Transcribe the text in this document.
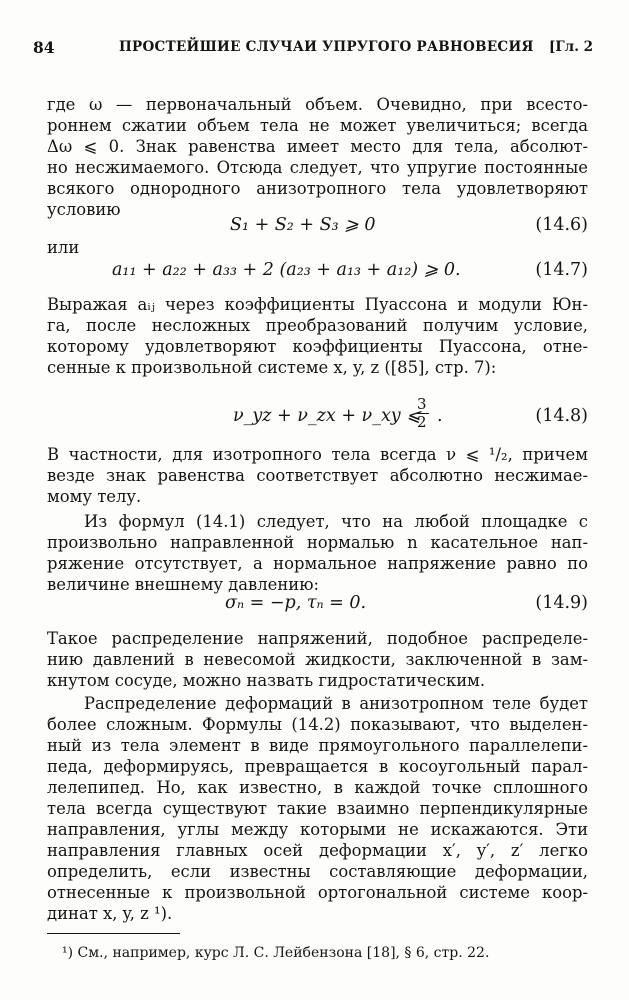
84	ПРОСТЕЙШИЕ СЛУЧАИ УПРУГОГО РАВНОВЕСИЯ [Гл. 2
где ω — первоначальный объем. Очевидно, при всесто-
роннем сжатии объем тела не может увеличиться; всегда
Δω ⩽ 0. Знак равенства имеет место для тела, абсолют-
но несжимаемого. Отсюда следует, что упругие постоянные
всякого однородного анизотропного тела удовлетворяют
условию
S₁ + S₂ + S₃ ⩾ 0	(14.6)
или
a₁₁ + a₂₂ + a₃₃ + 2 (a₂₃ + a₁₃ + a₁₂) ⩾ 0.	(14.7)
Выражая aᵢⱼ через коэффициенты Пуассона и модули Юн-
га, после несложных преобразований получим условие,
которому удовлетворяют коэффициенты Пуассона, отне-
сенные к произвольной системе x, y, z ([85], стр. 7):
ν_yz + ν_zx + ν_xy ⩽
$\frac{3}{2}$ .	(14.8)
В частности, для изотропного тела всегда ν ⩽ ¹/₂, причем
везде знак равенства соответствует абсолютно несжимае-
мому телу.
Из формул (14.1) следует, что на любой площадке с
произвольно направленной нормалью n касательное нап-
ряжение отсутствует, а нормальное напряжение равно по
величине внешнему давлению:
σₙ = −p, τₙ = 0.	(14.9)
Такое распределение напряжений, подобное распределе-
нию давлений в невесомой жидкости, заключенной в зам-
кнутом сосуде, можно назвать гидростатическим.
Распределение деформаций в анизотропном теле будет
более сложным. Формулы (14.2) показывают, что выделен-
ный из тела элемент в виде прямоугольного параллелепи-
педа, деформируясь, превращается в косоугольный парал-
лелепипед. Но, как известно, в каждой точке сплошного
тела всегда существуют такие взаимно перпендикулярные
направления, углы между которыми не искажаются. Эти
направления главных осей деформации x′, y′, z′ легко
определить, если известны составляющие деформации,
отнесенные к произвольной ортогональной системе коор-
динат x, y, z ¹).
¹) См., например, курс Л. С. Лейбензона [18], § 6, стр. 22.
